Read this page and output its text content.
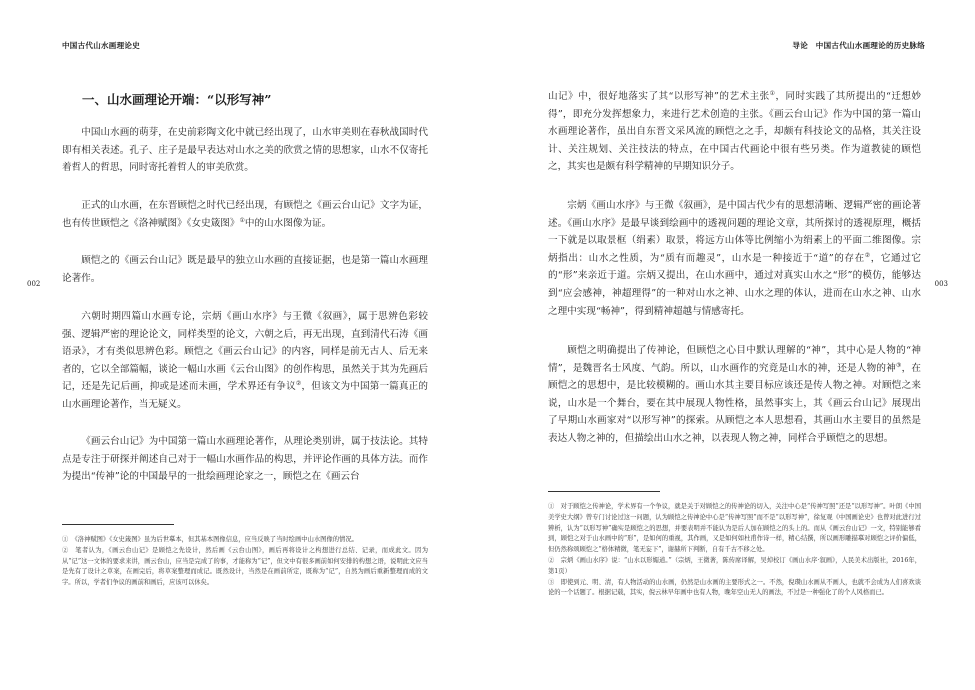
中国古代山水画理论史
002
一、山水画理论开端：“以形写神”

中国山水画的萌芽，在史前彩陶文化中就已经出现了，山水审美则在春秋战国时代即有相关表述。孔子、庄子是最早表达对山水之美的欣赏之情的思想家，山水不仅寄托着哲人的哲思，同时寄托着哲人的审美欣赏。

正式的山水画，在东晋顾恺之时代已经出现，有顾恺之《画云台山记》文字为证，也有传世顾恺之《洛神赋图》《女史箴图》①中的山水图像为证。

顾恺之的《画云台山记》既是最早的独立山水画的直接证据，也是第一篇山水画理论著作。

六朝时期四篇山水画专论，宗炳《画山水序》与王微《叙画》，属于思辨色彩较强、逻辑严密的理论论文，同样类型的论文，六朝之后，再无出现，直到清代石涛《画语录》，才有类似思辨色彩。顾恺之《画云台山记》的内容，同样是前无古人、后无来者的，它以全部篇幅，谈论一幅山水画《云台山图》的创作构思，虽然关于其为先画后记，还是先记后画，抑或是述而未画，学术界还有争议②，但该文为中国第一篇真正的山水画理论著作，当无疑义。

《画云台山记》为中国第一篇山水画理论著作，从理论类别讲，属于技法论。其特点是专注于研探并阐述自己对于一幅山水画作品的构思，并评论作画的具体方法。而作为提出“传神”论的中国最早的一批绘画理论家之一，顾恺之在《画云台

①　《洛神赋图》《女史箴图》虽为后世摹本，但其基本图像信息，应当反映了当时绘画中山水图像的情况。

②　笔者认为，《画云台山记》是顾恺之先设计，然后画《云台山图》，画后再将设计之构想进行总结、记录，而成此文。因为从“记”这一文体的要求来讲，画云台山，应当是完成了的事，才能称为“记”，但文中有很多画前如何安排的构想之语，说明此文应当是先有了设计之草案，在画完后，将草案整理而成记。既然设计，当然是在画前所定，既称为“记”，自然为画后重新整理而成的文字。所以，学者们争议的画前和画后，应该可以休矣。

导论　中国古代山水画理论的历史脉络
003

山记》中，很好地落实了其“以形写神”的艺术主张①，同时实践了其所提出的“迁想妙得”，即充分发挥想象力，来进行艺术创造的主张。《画云台山记》作为中国的第一篇山水画理论著作，虽出自东晋文采风流的顾恺之之手，却颇有科技论文的品格，其关注设计、关注规划、关注技法的特点，在中国古代画论中很有些另类。作为道教徒的顾恺之，其实也是颇有科学精神的早期知识分子。

宗炳《画山水序》与王微《叙画》，是中国古代少有的思想清晰、逻辑严密的画论著述。《画山水序》是最早谈到绘画中的透视问题的理论文章，其所探讨的透视原理，概括一下就是以取景框（绢素）取景，将远方山体等比例缩小为绢素上的平面二维图像。宗炳指出：山水之性质，为“质有而趣灵”，山水是一种接近于“道”的存在②，它通过它的“形”来亲近于道。宗炳又提出，在山水画中，通过对真实山水之“形”的模仿，能够达到“应会感神，神超理得”的一种对山水之神、山水之理的体认，进而在山水之神、山水之理中实现“畅神”，得到精神超越与情感寄托。

顾恺之明确提出了传神论，但顾恺之心目中默认理解的“神”，其中心是人物的“神情”，是魏晋名士风度、气韵。所以，山水画作的究竟是山水的神，还是人物的神③，在顾恺之的思想中，是比较模糊的。画山水其主要目标应该还是传人物之神。对顾恺之来说，山水是一个舞台，要在其中展现人物性格，虽然事实上，其《画云台山记》展现出了早期山水画家对“以形写神”的探索。从顾恺之本人思想看，其画山水主要目的虽然是表达人物之神的，但描绘出山水之神，以表现人物之神，同样合乎顾恺之的思想。

①　对于顾恺之传神论，学术界有一个争议，就是关于对顾恺之的传神论的切入，关注中心是“传神写照”还是“以形写神”。叶朗《中国美学史大纲》曾专门讨论过这一问题，认为顾恺之传神论中心是“传神写照”而不是“以形写神”，徐复观《中国画论史》也曾对此进行过辨析，认为“以形写神”确实是顾恺之的思想，并要表明并不能认为是后人加在顾恺之的头上的。而从《画云台山记》一文，特别能够看到，顾恺之对于山水画中的“形”，是如何的重视，其作画，又是如何如杜甫作诗一样，精心结撰，所以画形雕描摹对顾恺之评价偏低，但仍然称颂顾恺之“格体精微，笔无妄下”，谢赫所下判断，自有千古不移之处。

②　宗炳《画山水序》说：“山水以形媚道。”（宗炳，王微著，陈传席译解，吴焯校订《画山水序·叙画》，人民美术出版社，2016年，第1页）

③　即使到元、明、清，有人物活动的山水画，仍然是山水画的主要形式之一。不然，倪瓒山水画从不画人，也就不会成为人们喜欢谈论的一个话题了。根据记载，其实，倪云林早年画中也有人物，晚年空山无人的画法，不过是一种强化了的个人风格而已。
